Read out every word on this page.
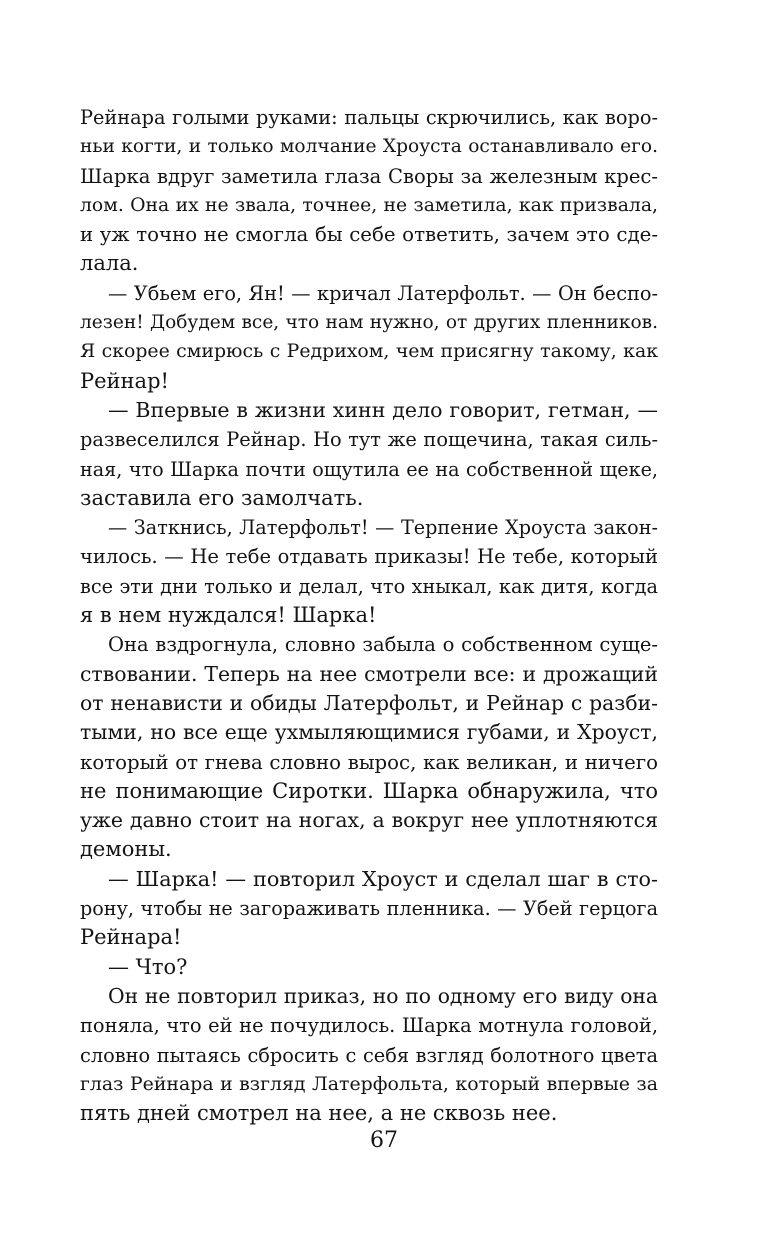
Рейнара голыми руками: пальцы скрючились, как воро-
ньи когти, и только молчание Хроуста останавливало его.
Шарка вдруг заметила глаза Своры за железным крес-
лом. Она их не звала, точнее, не заметила, как призвала,
и уж точно не смогла бы себе ответить, зачем это сде-
лала.
— Убьем его, Ян! — кричал Латерфольт. — Он беспо-
лезен! Добудем все, что нам нужно, от других пленников.
Я скорее смирюсь с Редрихом, чем присягну такому, как
Рейнар!
— Впервые в жизни хинн дело говорит, гетман, —
развеселился Рейнар. Но тут же пощечина, такая силь-
ная, что Шарка почти ощутила ее на собственной щеке,
заставила его замолчать.
— Заткнись, Латерфольт! — Терпение Хроуста закон-
чилось. — Не тебе отдавать приказы! Не тебе, который
все эти дни только и делал, что хныкал, как дитя, когда
я в нем нуждался! Шарка!
Она вздрогнула, словно забыла о собственном суще-
ствовании. Теперь на нее смотрели все: и дрожащий
от ненависти и обиды Латерфольт, и Рейнар с разби-
тыми, но все еще ухмыляющимися губами, и Хроуст,
который от гнева словно вырос, как великан, и ничего
не понимающие Сиротки. Шарка обнаружила, что
уже давно стоит на ногах, а вокруг нее уплотняются
демоны.
— Шарка! — повторил Хроуст и сделал шаг в сто-
рону, чтобы не загораживать пленника. — Убей герцога
Рейнара!
— Что?
Он не повторил приказ, но по одному его виду она
поняла, что ей не почудилось. Шарка мотнула головой,
словно пытаясь сбросить с себя взгляд болотного цвета
глаз Рейнара и взгляд Латерфольта, который впервые за
пять дней смотрел на нее, а не сквозь нее.
67
